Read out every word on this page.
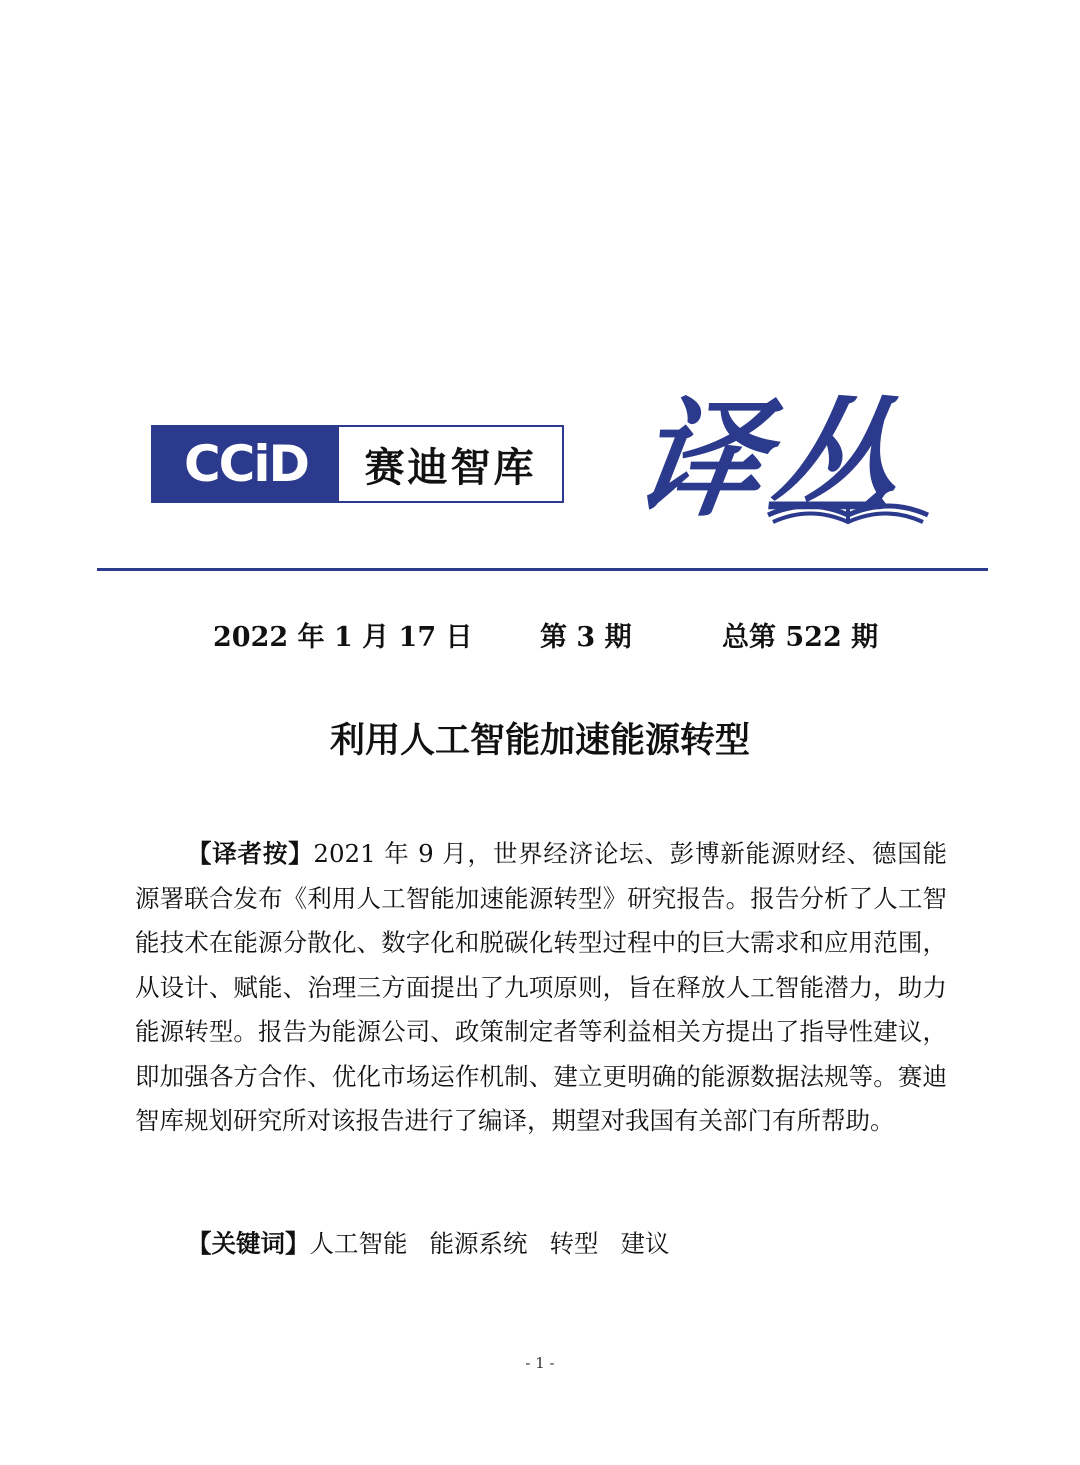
CCiD	赛迪智库 译丛
2022 年 1 月 17 日 第 3 期	总第 522 期
利用人工智能加速能源转型
【译者按】2021 年 9 月，世界经济论坛、彭博新能源财经、德国能源署联合发布《利用人工智能加速能源转型》研究报告。报告分析了人工智能技术在能源分散化、数字化和脱碳化转型过程中的巨大需求和应用范围，从设计、赋能、治理三方面提出了九项原则，旨在释放人工智能潜力，助力能源转型。报告为能源公司、政策制定者等利益相关方提出了指导性建议，即加强各方合作、优化市场运作机制、建立更明确的能源数据法规等。赛迪智库规划研究所对该报告进行了编译，期望对我国有关部门有所帮助。
【关键词】人工智能 能源系统 转型 建议
- 1 -
